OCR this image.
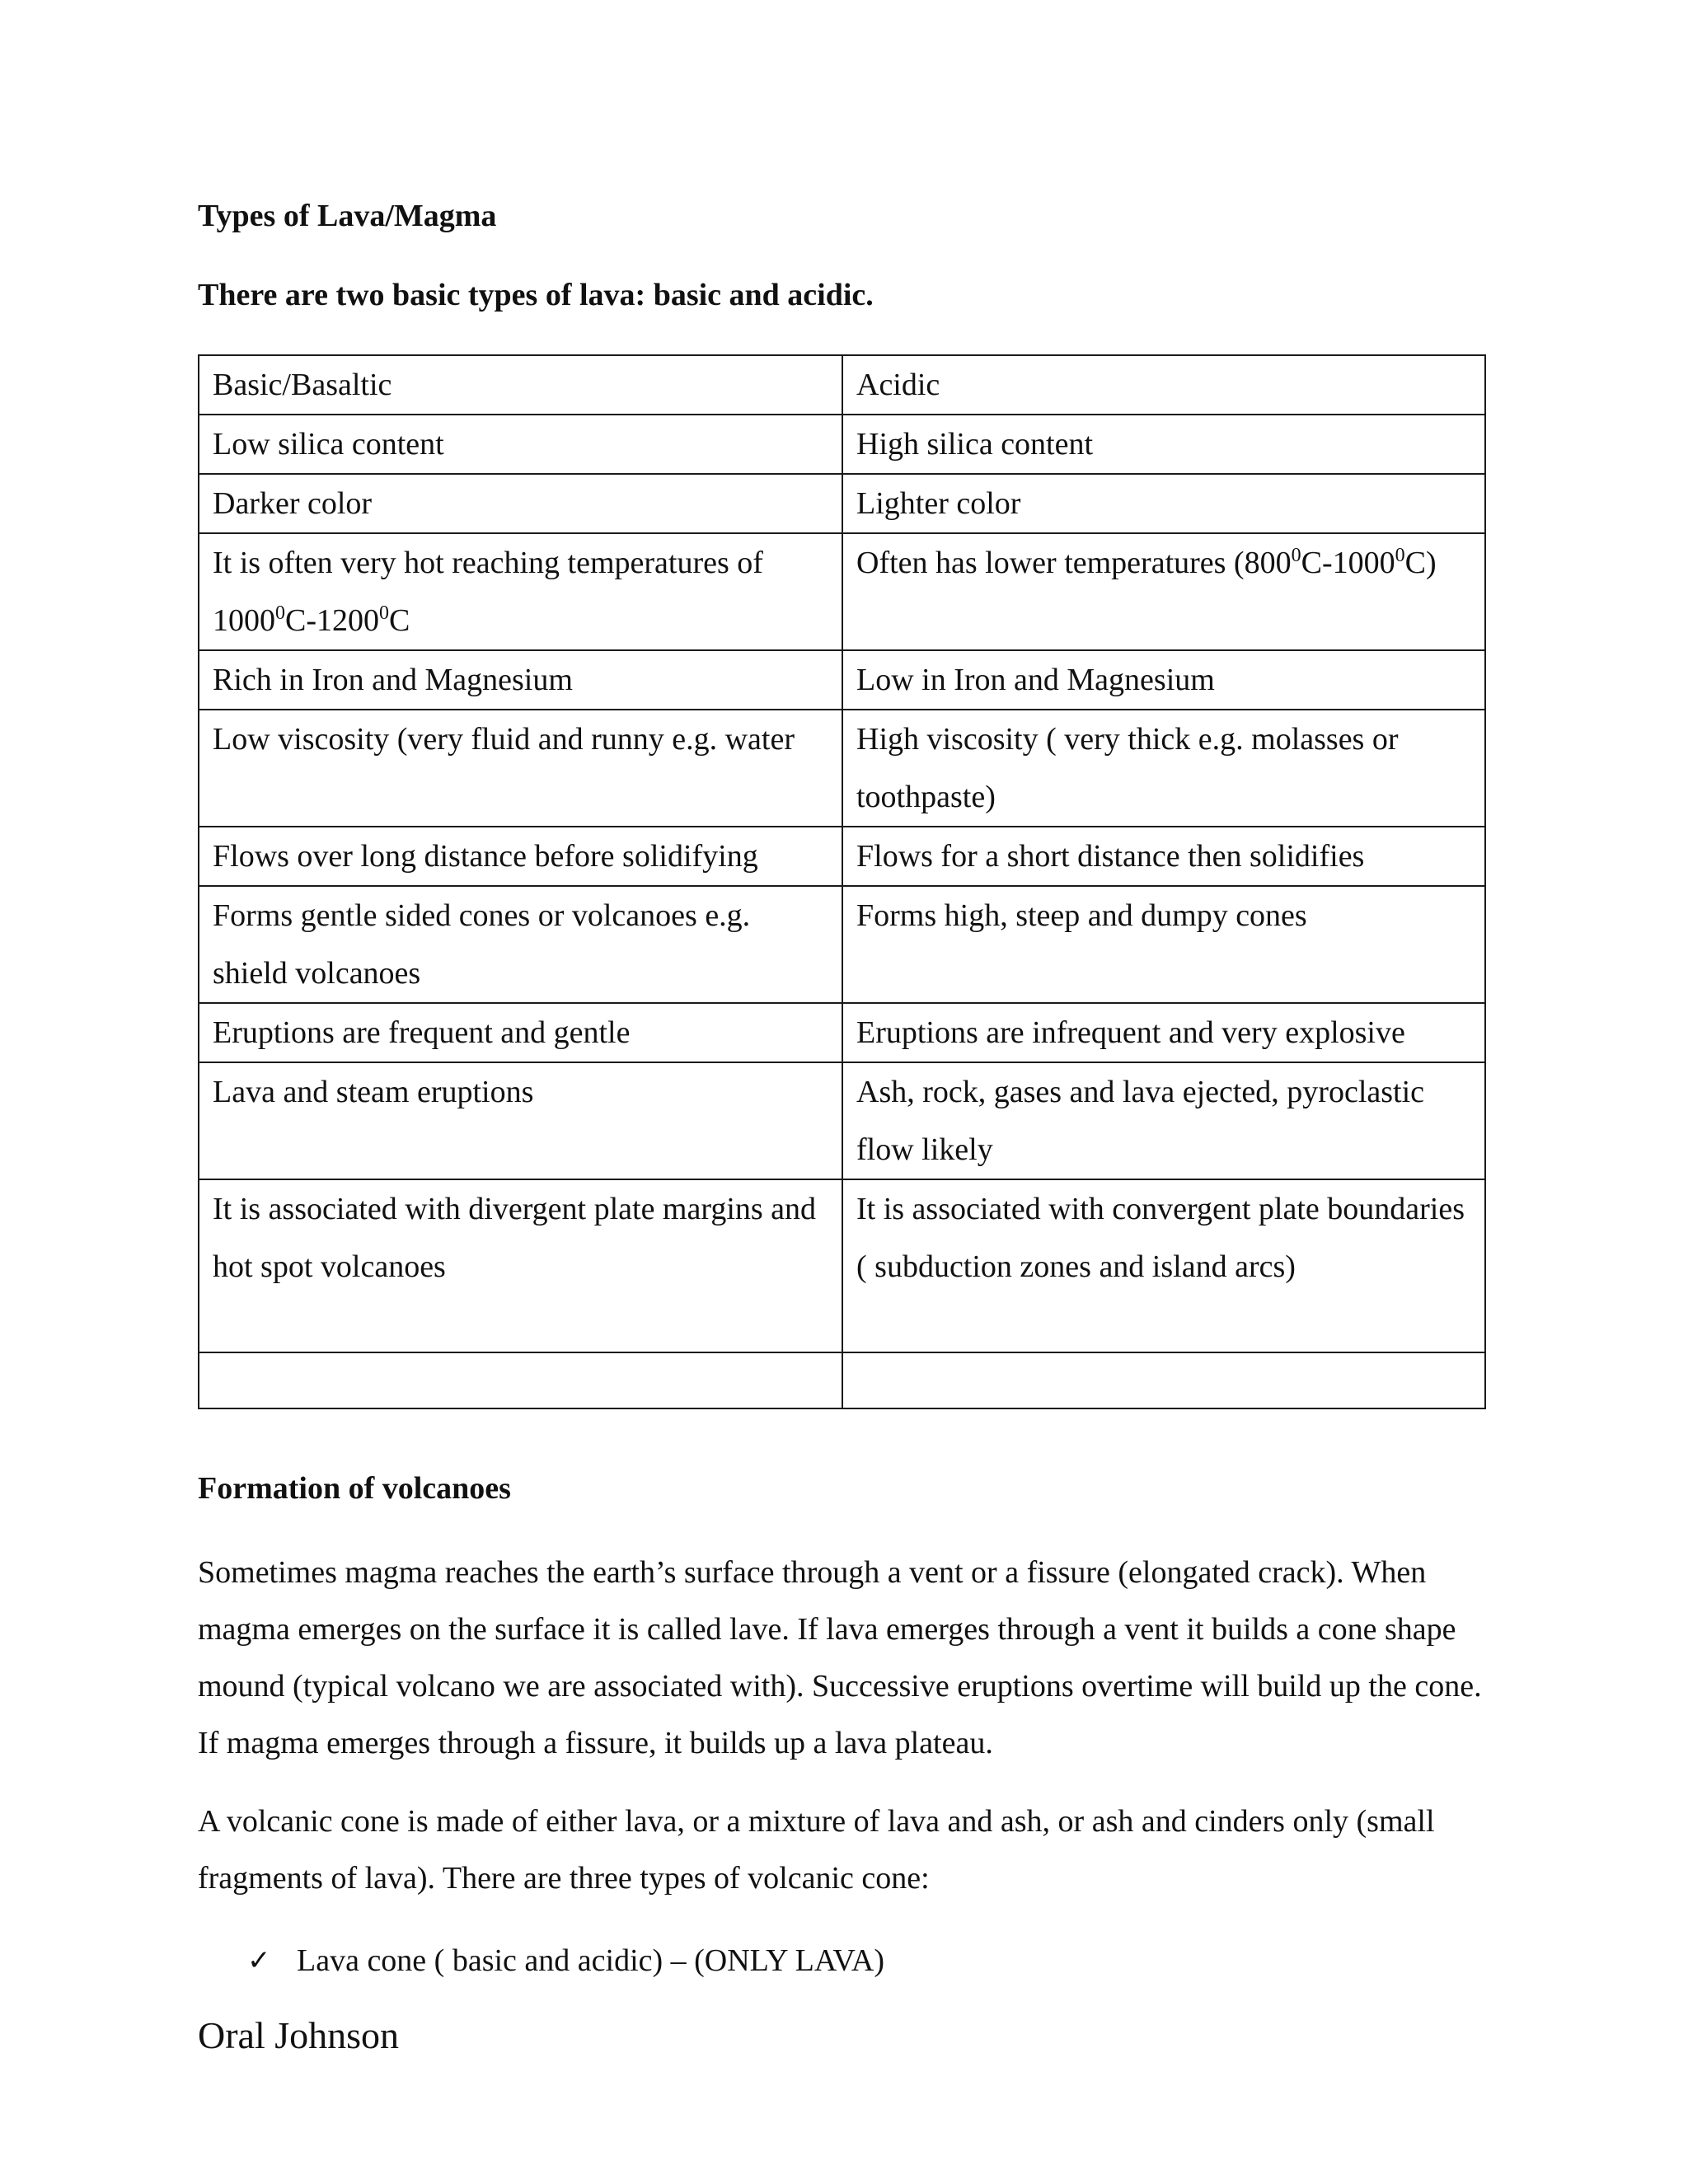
Types of Lava/Magma
There are two basic types of lava: basic and acidic.
Basic/Basaltic	Acidic
Low silica content	High silica content
Darker color	Lighter color
It is often very hot reaching temperatures of 1000$^0$C-1200$^0$C	Often has lower temperatures $(800^0C-1000^0C)$
Rich in Iron and Magnesium	Low in Iron and Magnesium
Low viscosity (very fluid and runny e.g. water	High viscosity ( very thick e.g. molasses or toothpaste)
Flows over long distance before solidifying	Flows for a short distance then solidifies
Forms gentle sided cones or volcanoes e.g. shield volcanoes	Forms high, steep and dumpy cones
Eruptions are frequent and gentle	Eruptions are infrequent and very explosive
Lava and steam eruptions	Ash, rock, gases and lava ejected, pyroclastic flow likely
It is associated with divergent plate margins and hot spot volcanoes	It is associated with convergent plate boundaries ( subduction zones and island arcs)

Formation of volcanoes

Sometimes magma reaches the earth’s surface through a vent or a fissure (elongated crack). When magma emerges on the surface it is called lave. If lava emerges through a vent it builds a cone shape mound (typical volcano we are associated with). Successive eruptions overtime will build up the cone. If magma emerges through a fissure, it builds up a lava plateau.

A volcanic cone is made of either lava, or a mixture of lava and ash, or ash and cinders only (small fragments of lava). There are three types of volcanic cone:

✓ Lava cone ( basic and acidic) – (ONLY LAVA)
Oral Johnson
